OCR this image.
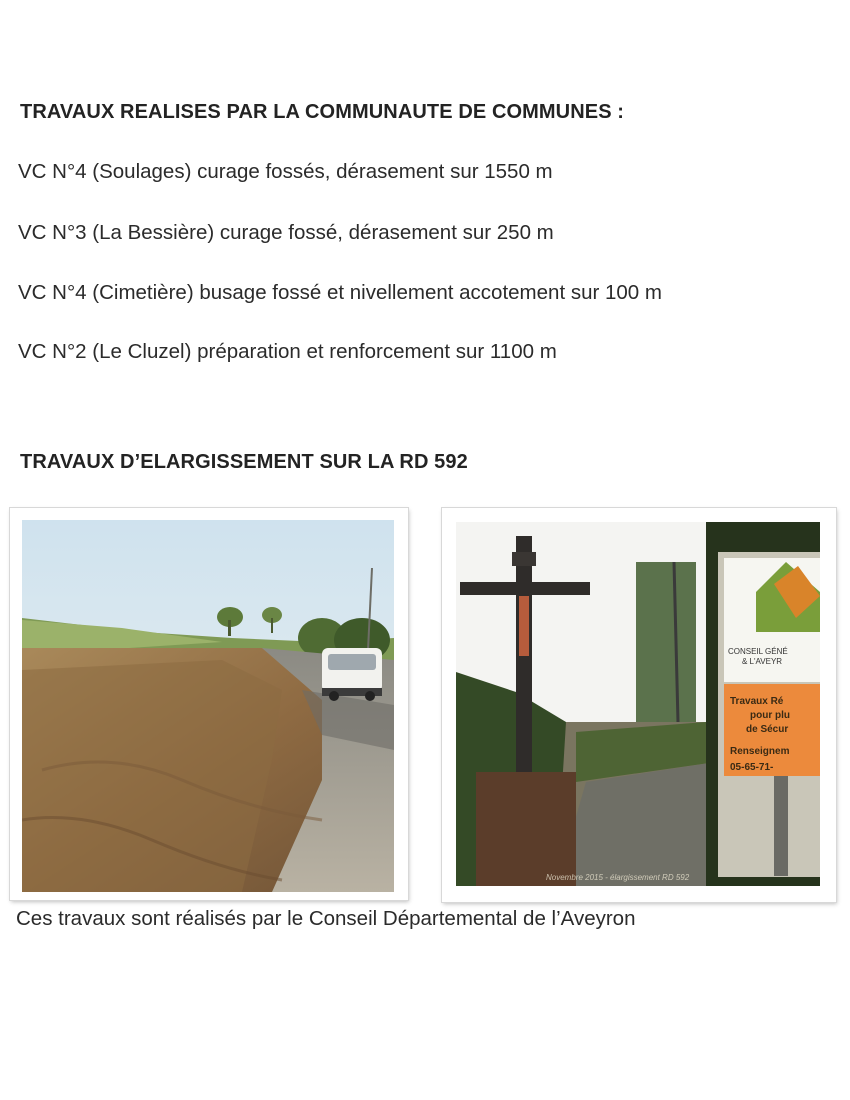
TRAVAUX REALISES PAR LA COMMUNAUTE DE COMMUNES :

VC N°4 (Soulages) curage fossés, dérasement sur 1550 m

VC N°3 (La Bessière) curage fossé, dérasement sur 250 m

VC N°4 (Cimetière) busage fossé et nivellement accotement sur 100 m

VC N°2 (Le Cluzel) préparation et renforcement sur 1100 m

TRAVAUX D’ELARGISSEMENT SUR LA RD 592
CONSEIL GÉNÉ
& L'AVEYR
Travaux Ré
pour plu
de Sécur
Renseignem
05-65-71-
Novembre 2015 - élargissement RD 592

Ces travaux sont réalisés par le Conseil Départemental de l’Aveyron
